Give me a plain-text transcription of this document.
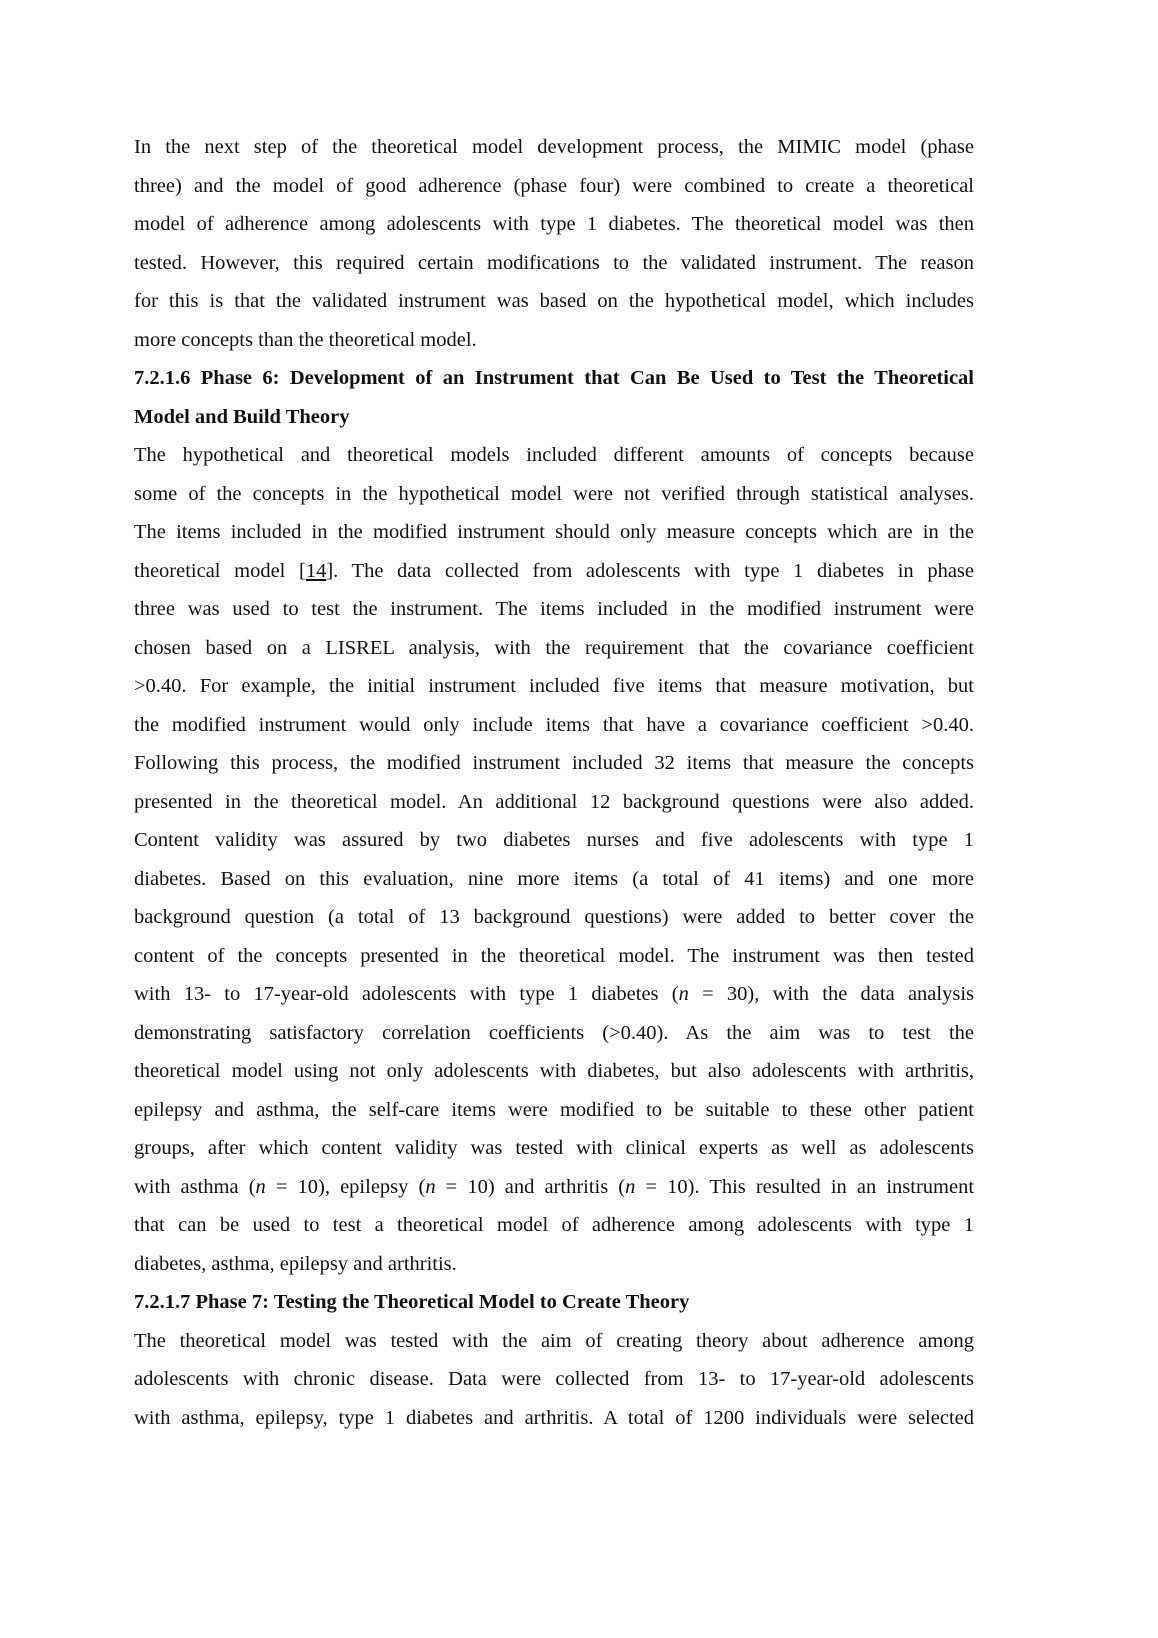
In the next step of the theoretical model development process, the MIMIC model (phase
three) and the model of good adherence (phase four) were combined to create a theoretical
model of adherence among adolescents with type 1 diabetes. The theoretical model was then
tested. However, this required certain modifications to the validated instrument. The reason
for this is that the validated instrument was based on the hypothetical model, which includes
more concepts than the theoretical model.
7.2.1.6 Phase 6: Development of an Instrument that Can Be Used to Test the Theoretical
Model and Build Theory
The hypothetical and theoretical models included different amounts of concepts because
some of the concepts in the hypothetical model were not verified through statistical analyses.
The items included in the modified instrument should only measure concepts which are in the
theoretical model [14]. The data collected from adolescents with type 1 diabetes in phase
three was used to test the instrument. The items included in the modified instrument were
chosen based on a LISREL analysis, with the requirement that the covariance coefficient
>0.40. For example, the initial instrument included five items that measure motivation, but
the modified instrument would only include items that have a covariance coefficient >0.40.
Following this process, the modified instrument included 32 items that measure the concepts
presented in the theoretical model. An additional 12 background questions were also added.
Content validity was assured by two diabetes nurses and five adolescents with type 1
diabetes. Based on this evaluation, nine more items (a total of 41 items) and one more
background question (a total of 13 background questions) were added to better cover the
content of the concepts presented in the theoretical model. The instrument was then tested
with 13- to 17-year-old adolescents with type 1 diabetes (n = 30), with the data analysis
demonstrating satisfactory correlation coefficients (>0.40). As the aim was to test the
theoretical model using not only adolescents with diabetes, but also adolescents with arthritis,
epilepsy and asthma, the self-care items were modified to be suitable to these other patient
groups, after which content validity was tested with clinical experts as well as adolescents
with asthma (n = 10), epilepsy (n = 10) and arthritis (n = 10). This resulted in an instrument
that can be used to test a theoretical model of adherence among adolescents with type 1
diabetes, asthma, epilepsy and arthritis.
7.2.1.7 Phase 7: Testing the Theoretical Model to Create Theory
The theoretical model was tested with the aim of creating theory about adherence among
adolescents with chronic disease. Data were collected from 13- to 17-year-old adolescents
with asthma, epilepsy, type 1 diabetes and arthritis. A total of 1200 individuals were selected
